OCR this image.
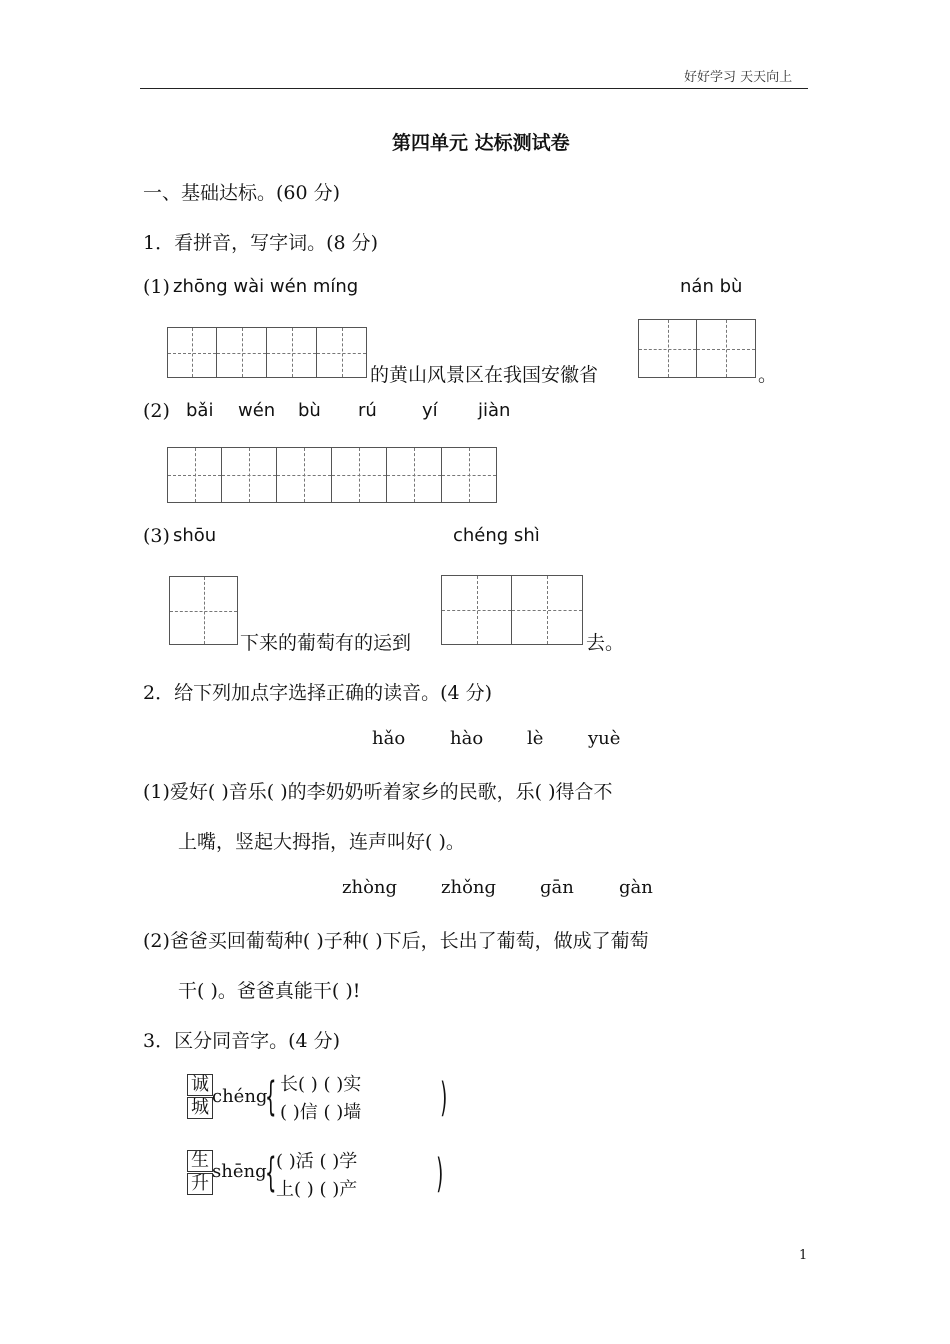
好好学习 天天向上
第四单元 达标测试卷
一、基础达标。(60 分)
1．看拼音，写字词。(8 分)
(1) zhōng wài wén míng	nán bù
的黄山风景区在我国安徽省	。
(2) bǎi wén bù rú	yí jiàn
(3) shōu	chéng shì
下来的葡萄有的运到	去。
2．给下列加点字选择正确的读音。(4 分)
hǎo hào lè yuè
(1)爱好( )音乐( )的李奶奶听着家乡的民歌，乐( )得合不
上嘴，竖起大拇指，连声叫好( )。
zhòng zhǒnɡ ɡān	gàn
(2)爸爸买回葡萄种( )子种( )下后，长出了葡萄，做成了葡萄
干( )。爸爸真能干( )!
3．区分同音字。(4 分)
诚
城
chéng
{ 长( ) ( )实
( )信 ( )墙 )
生
升
shēng
{ ( )活 ( )学
上( ) ( )产 )
1
